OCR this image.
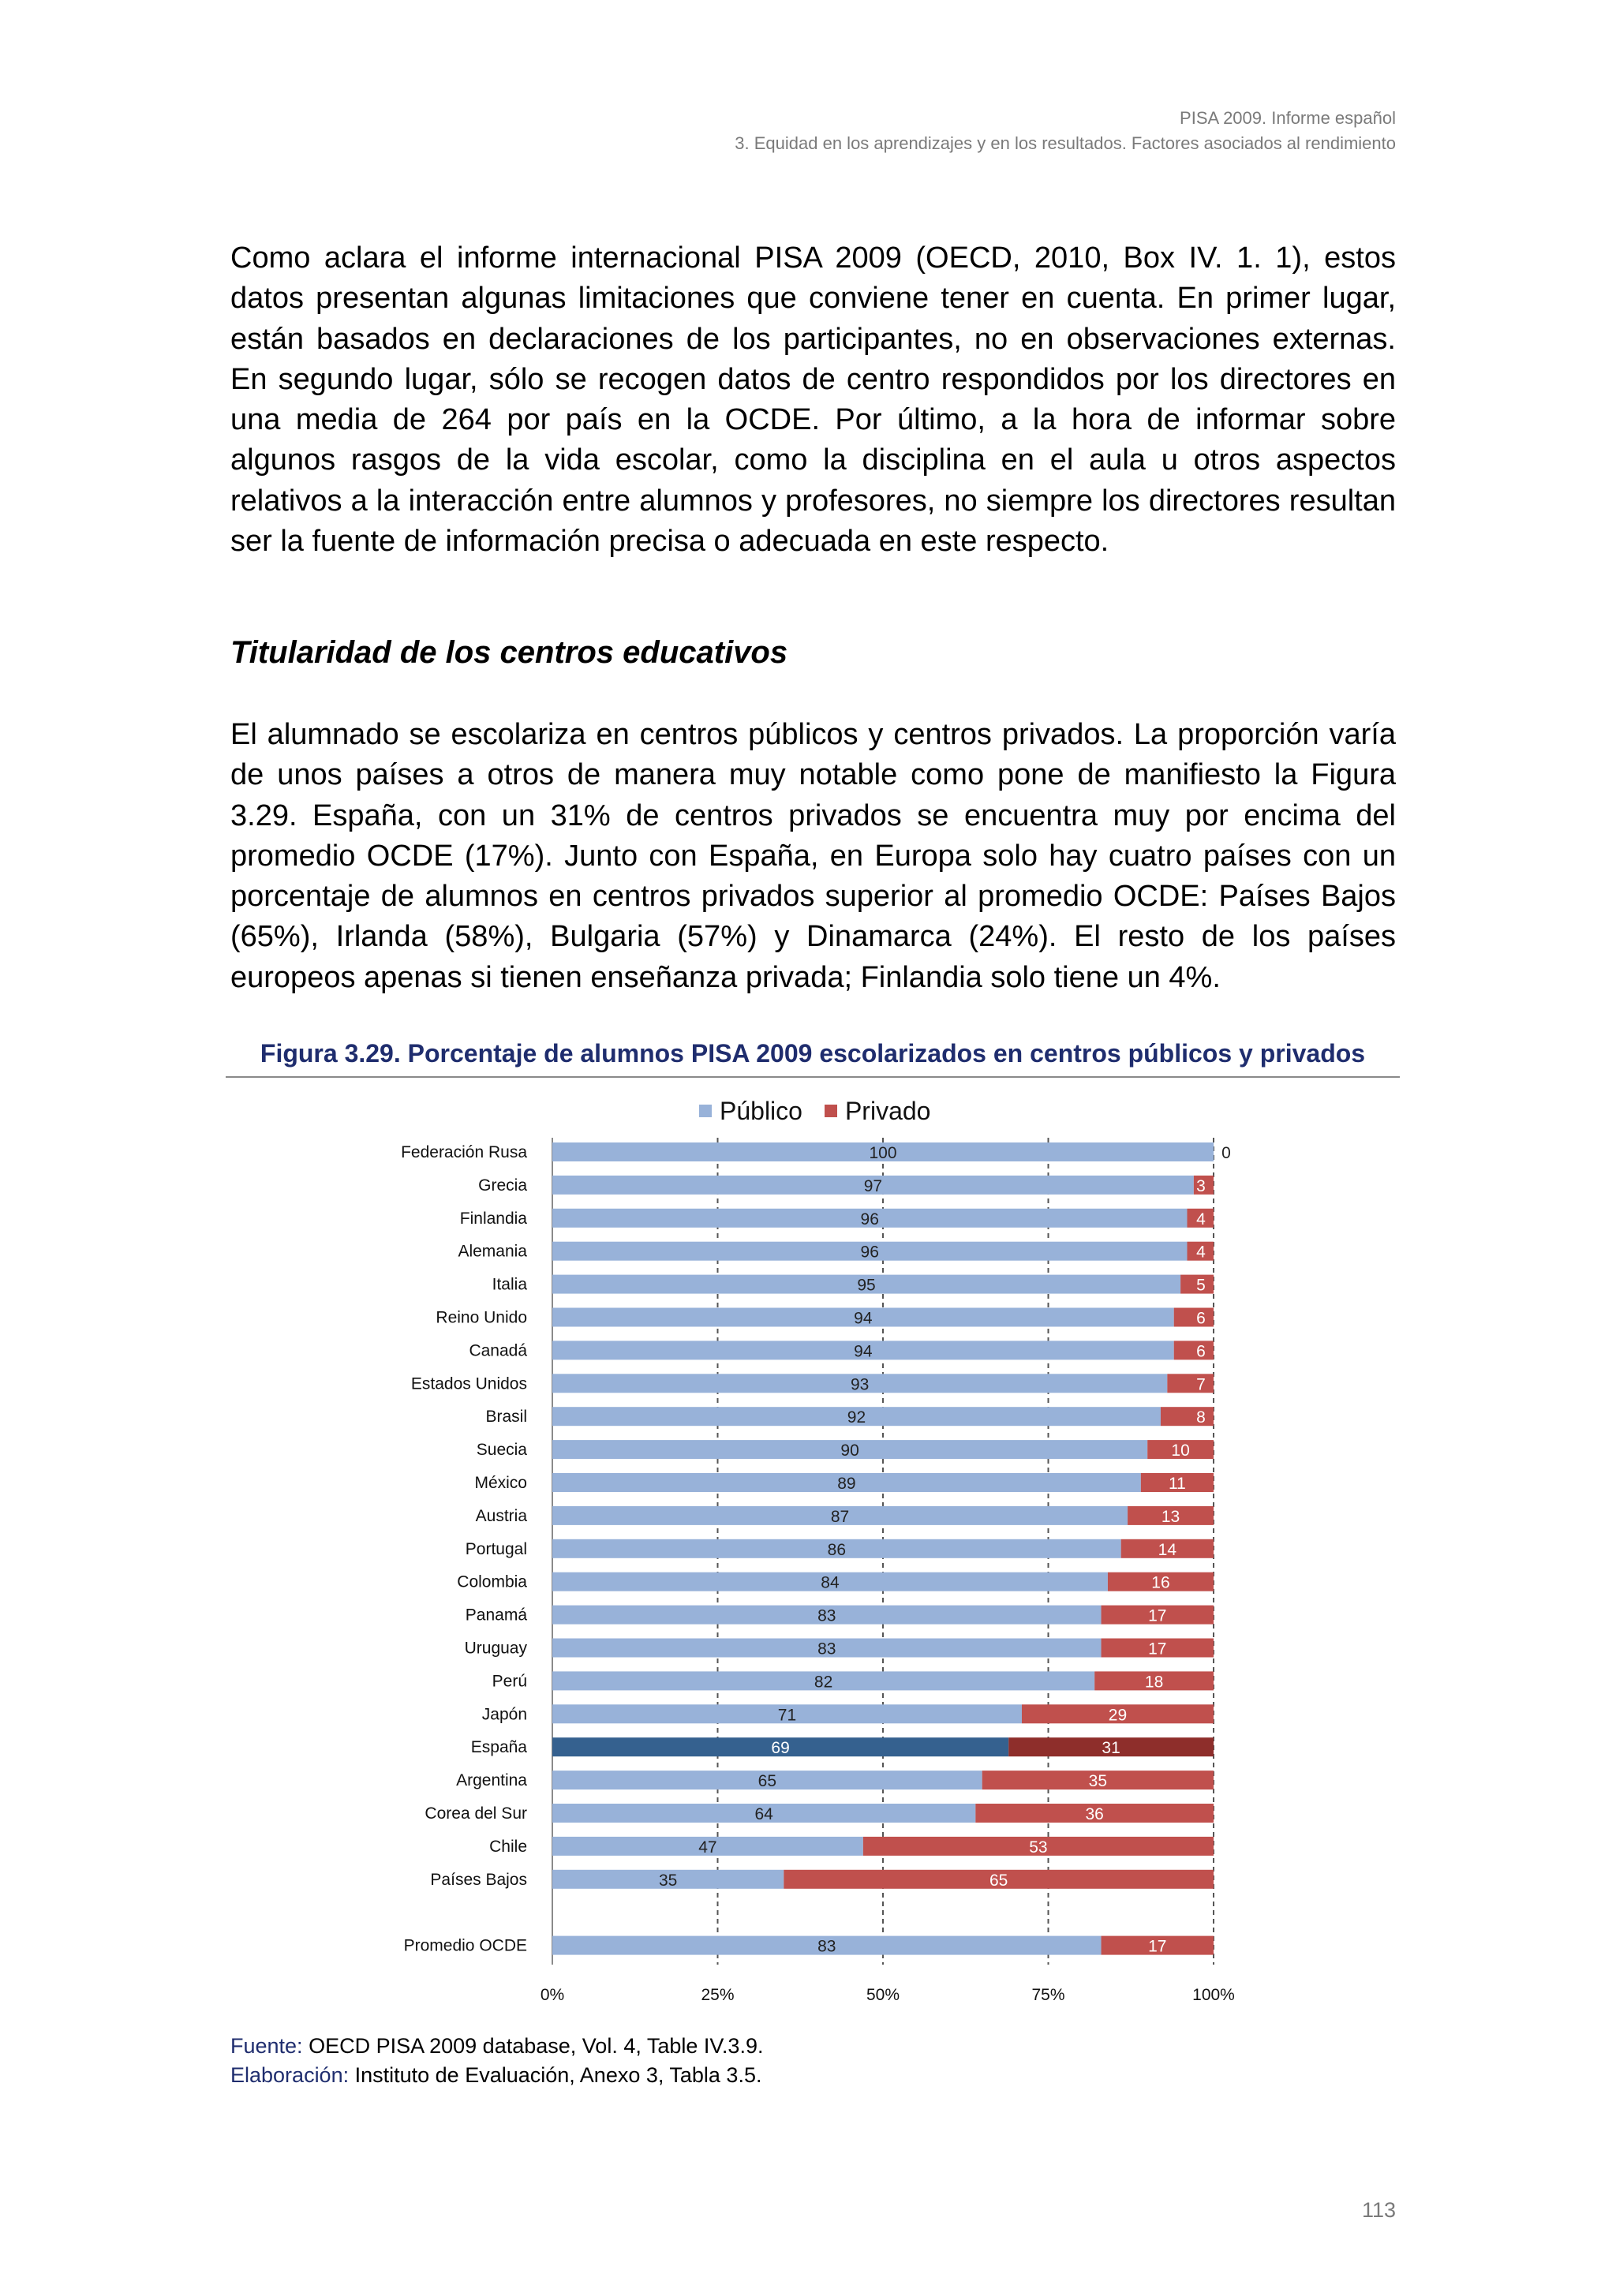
PISA 2009. Informe español
3. Equidad en los aprendizajes y en los resultados. Factores asociados al rendimiento

Como aclara el informe internacional PISA 2009 (OECD, 2010, Box IV. 1. 1), estos datos presentan algunas limitaciones que conviene tener en cuenta. En primer lugar, están basados en declaraciones de los participantes, no en observaciones externas. En segundo lugar, sólo se recogen datos de centro respondidos por los directores en una media de 264 por país en la OCDE. Por último, a la hora de informar sobre algunos rasgos de la vida escolar, como la disciplina en el aula u otros aspectos relativos a la interacción entre alumnos y profesores, no siempre los directores resultan ser la fuente de información precisa o adecuada en este respecto.

Titularidad de los centros educativos

El alumnado se escolariza en centros públicos y centros privados. La proporción varía de unos países a otros de manera muy notable como pone de manifiesto la Figura 3.29. España, con un 31% de centros privados se encuentra muy por encima del promedio OCDE (17%). Junto con España, en Europa solo hay cuatro países con un porcentaje de alumnos en centros privados superior al promedio OCDE: Países Bajos (65%), Irlanda (58%), Bulgaria (57%) y Dinamarca (24%). El resto de los países europeos apenas si tienen enseñanza privada; Finlandia solo tiene un 4%.

Figura 3.29. Porcentaje de alumnos PISA 2009 escolarizados en centros públicos y privados
Público Privado
0%	25%	50%	75%	100%
Federación Rusa	100	0
Grecia	97	3
Finlandia	96	4
Alemania	96	4
Italia	95	5
Reino Unido	94	6
Canadá	94	6
Estados Unidos	93	7
Brasil	92	8
Suecia	90	10
México	89	11
Austria	87	13
Portugal	86	14
Colombia	84	16
Panamá	83	17
Uruguay	83	17
Perú	82	18
Japón	71	29
España	69	31
Argentina	65	35
Corea del Sur	64	36
Chile	47	53
Países Bajos	35	65
Promedio OCDE	83	17
Fuente: OECD PISA 2009 database, Vol. 4, Table IV.3.9.
Elaboración: Instituto de Evaluación, Anexo 3, Tabla 3.5.
113
